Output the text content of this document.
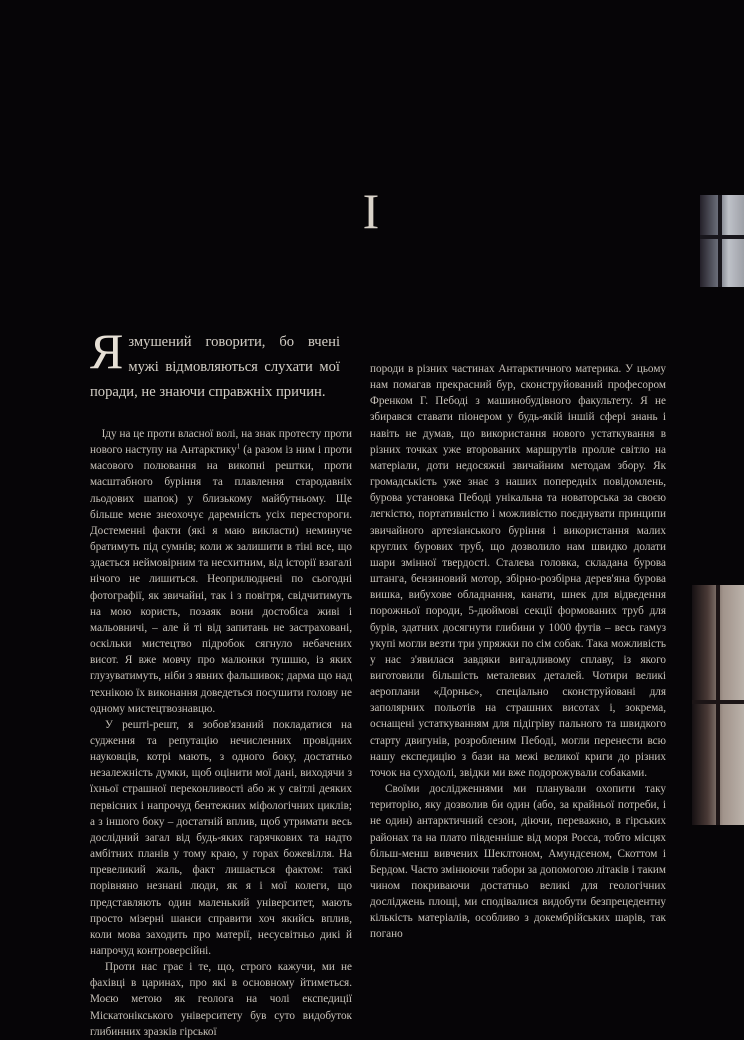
I
Язмушений говорити, бо вчені мужі відмовляються слухати мої поради, не знаючи справжніх причин.

Іду на це проти власної волі, на знак протесту проти нового наступу на Антарктику$^1$ (а разом із ним і проти масового полювання на викопні рештки, проти масштабного буріння та плавлення стародавніх льодових шапок) у близькому майбутньому. Ще більше мене знеохочує даремність усіх перестороги. Достеменні факти (які я маю викласти) неминуче братимуть під сумнів; коли ж залишити в тіні все, що здається неймовірним та несхитним, від історії взагалі нічого не лишиться. Неоприлюднені по сьогодні фотографії, як звичайні, так і з повітря, свідчитимуть на мою користь, позаяк вони достобіса живі і мальовничі, – але й ті від запитань не застраховані, оскільки мистецтво підробок сягнуло небачених висот. Я вже мовчу про малюнки тушшю, із яких глузуватимуть, ніби з явних фальшивок; дарма що над технікою їх виконання доведеться посушити голову не одному мистецтвознавцю.

У решті-решт, я зобов'язаний покладатися на судження та репутацію нечисленних провідних науковців, котрі мають, з одного боку, достатньо незалежність думки, щоб оцінити мої дані, виходячи з їхньої страшної переконливості або ж у світлі деяких первісних і напрочуд бентежних міфологічних циклів; а з іншого боку – достатній вплив, щоб утримати весь дослідний загал від будь-яких гарячкових та надто амбітних планів у тому краю, у горах божевілля. На превеликий жаль, факт лишається фактом: такі порівняно незнані люди, як я і мої колеги, що представляють один маленький університет, мають просто мізерні шанси справити хоч якийсь вплив, коли мова заходить про матерії, несусвітньо дикі й напрочуд контроверсійні.

Проти нас грає і те, що, строго кажучи, ми не фахівці в царинах, про які в основному йтиметься. Моєю метою як геолога на чолі експедиції Міскатонікського університету був суто видобуток глибинних зразків гірської

породи в різних частинах Антарктичного материка. У цьому нам помагав прекрасний бур, сконструйований професором Френком Г. Пебоді з машинобудівного факультету. Я не збирався ставати піонером у будь-якій іншій сфері знань і навіть не думав, що використання нового устаткування в різних точках уже второваних маршрутів пролле світло на матеріали, доти недосяжні звичайним методам збору. Як громадськість уже знає з наших попередніх повідомлень, бурова установка Пебоді унікальна та новаторська за своєю легкістю, портативністю і можливістю поєднувати принципи звичайного артезіанського буріння і використання малих круглих бурових труб, що дозволило нам швидко долати шари змінної твердості. Сталева головка, складана бурова штанга, бензиновий мотор, збірно-розбірна дерев'яна бурова вишка, вибухове обладнання, канати, шнек для відведення порожньої породи, 5-дюймові секції формованих труб для бурів, здатних досягнути глибини у 1000 футів – весь гамуз укупі могли везти три упряжки по сім собак. Така можливість у нас з'явилася завдяки вигадливому сплаву, із якого виготовили більшість металевих деталей. Чотири великі аероплани «Дорньє», спеціально сконструйовані для заполярних польотів на страшних висотах і, зокрема, оснащені устаткуванням для підігріву пального та швидкого старту двигунів, розробленим Пебоді, могли перенести всю нашу експедицію з бази на межі великої криги до різних точок на суходолі, звідки ми вже подорожували собаками.

Своїми дослідженнями ми планували охопити таку територію, яку дозволив би один (або, за крайньої потреби, і не один) антарктичний сезон, діючи, переважно, в гірських районах та на плато південніше від моря Росса, тобто місцях більш-менш вивчених Шеклтоном, Амундсеном, Скоттом і Бердом. Часто змінюючи табори за допомогою літаків і таким чином покриваючи достатньо великі для геологічних досліджень площі, ми сподівалися видобути безпрецедентну кількість матеріалів, особливо з докембрійських шарів, так погано
